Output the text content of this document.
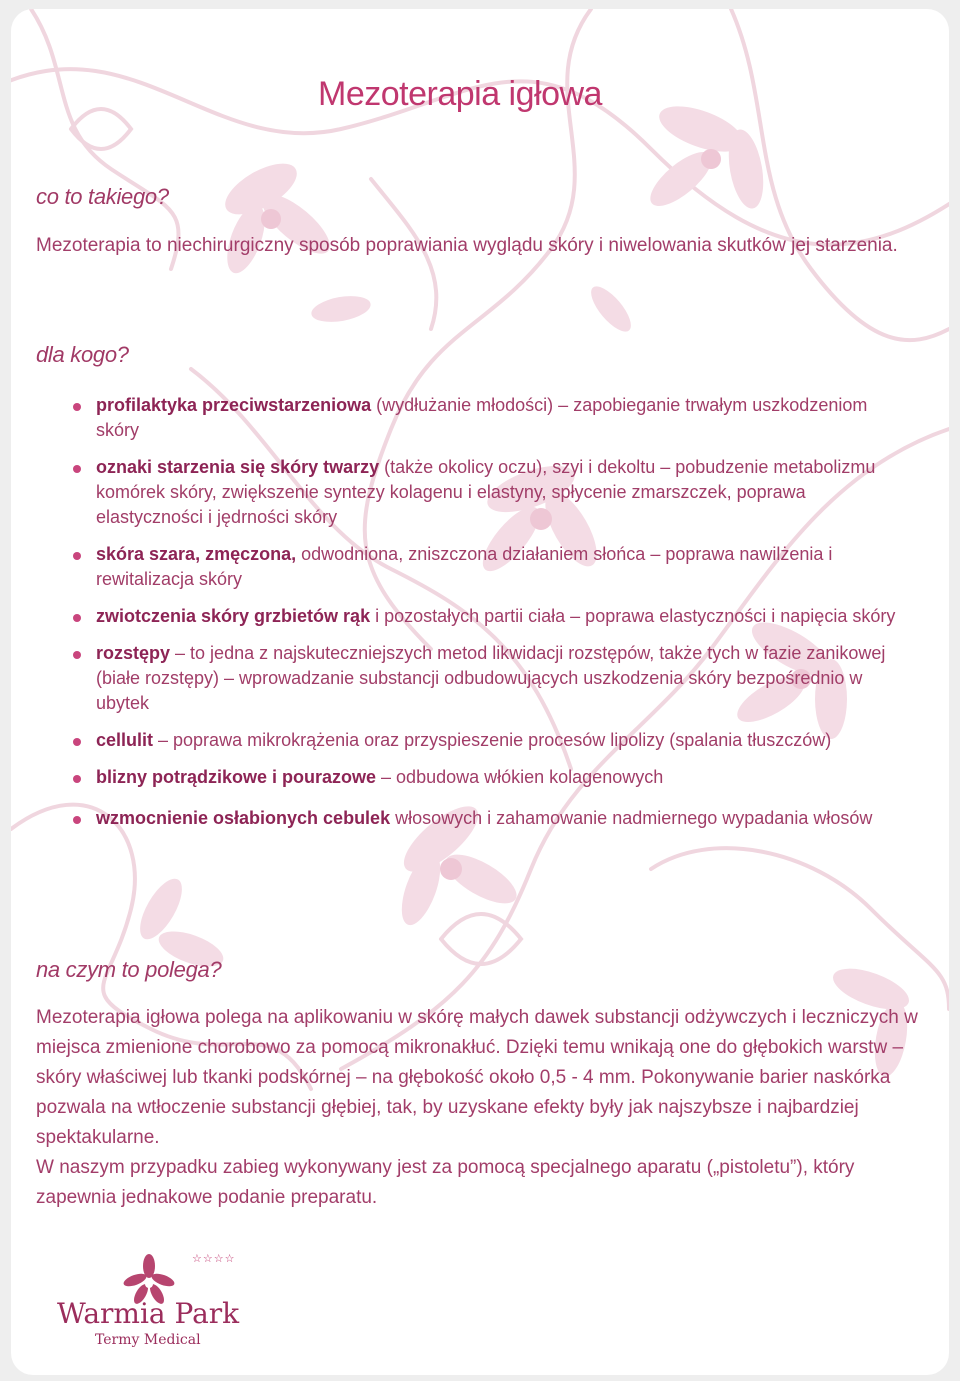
Mezoterapia igłowa
co to takiego?

Mezoterapia to niechirurgiczny sposób poprawiania wyglądu skóry i niwelowania skutków jej starzenia.

dla kogo?
profilaktyka przeciwstarzeniowa (wydłużanie młodości) – zapobieganie trwałym uszkodzeniom skóry
oznaki starzenia się skóry twarzy (także okolicy oczu), szyi i dekoltu – pobudzenie metabolizmu komórek skóry, zwiększenie syntezy kolagenu i elastyny, spłycenie zmarszczek, poprawa elastyczności i jędrności skóry
skóra szara, zmęczona, odwodniona, zniszczona działaniem słońca – poprawa nawilżenia i rewitalizacja skóry
zwiotczenia skóry grzbietów rąk i pozostałych partii ciała – poprawa elastyczności i napięcia skóry
rozstępy – to jedna z najskuteczniejszych metod likwidacji rozstępów, także tych w fazie zanikowej (białe rozstępy) – wprowadzanie substancji odbudowujących uszkodzenia skóry bezpośrednio w ubytek
cellulit – poprawa mikrokrążenia oraz przyspieszenie procesów lipolizy (spalania tłuszczów)
blizny potrądzikowe i pourazowe – odbudowa włókien kolagenowych
wzmocnienie osłabionych cebulek włosowych i zahamowanie nadmiernego wypadania włosów
na czym to polega?

Mezoterapia igłowa polega na aplikowaniu w skórę małych dawek substancji odżywczych i leczniczych w miejsca zmienione chorobowo za pomocą mikronakłuć. Dzięki temu wnikają one do głębokich warstw – skóry właściwej lub tkanki podskórnej – na głębokość około 0,5 - 4 mm. Pokonywanie barier naskórka pozwala na wtłoczenie substancji głębiej, tak, by uzyskane efekty były jak najszybsze i najbardziej spektakularne.

W naszym przypadku zabieg wykonywany jest za pomocą specjalnego aparatu („pistoletu”), który zapewnia jednakowe podanie preparatu.

☆☆☆☆
Warmia Park
Termy Medical
